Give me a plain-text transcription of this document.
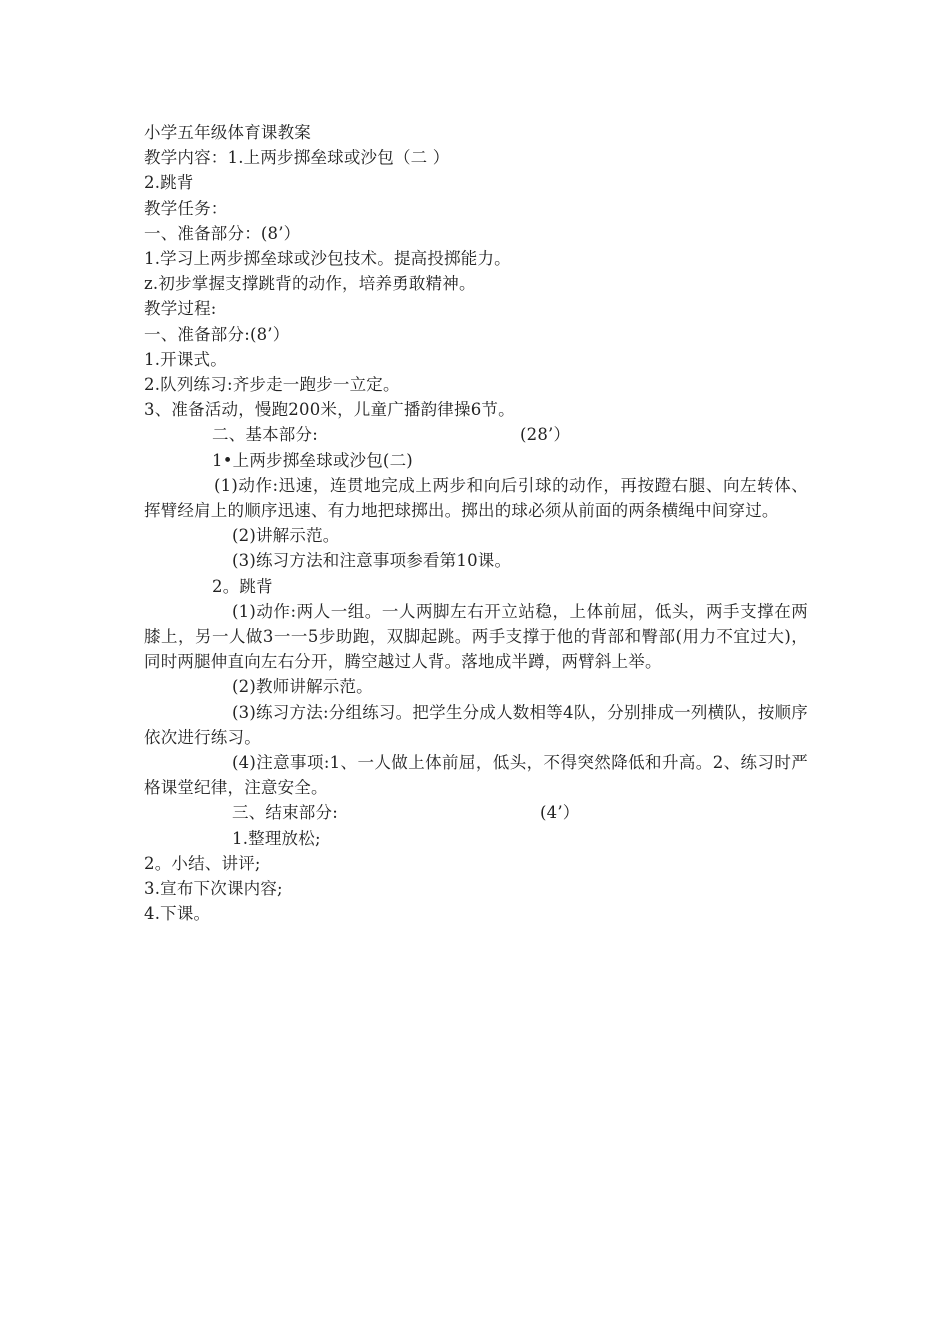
小学五年级体育课教案
教学内容：1.上两步掷垒球或沙包（二 ）
2.跳背
教学任务：
一、准备部分：(8’）
1.学习上两步掷垒球或沙包技术。提高投掷能力。
z.初步掌握支撑跳背的动作，培养勇敢精神。
教学过程:
一、准备部分:(8’）
1.开课式。
2.队列练习:齐步走一跑步一立定。
3、准备活动，慢跑200米，儿童广播韵律操6节。
二、基本部分:	(28’）
1•上两步掷垒球或沙包(二)
(1)动作:迅速，连贯地完成上两步和向后引球的动作，再按蹬右腿、向左转体、挥臂经肩上的顺序迅速、有力地把球掷出。掷出的球必须从前面的两条横绳中间穿过。
(2)讲解示范。
(3)练习方法和注意事项参看第10课。
2。跳背
(1)动作:两人一组。一人两脚左右开立站稳，上体前屈，低头，两手支撑在两膝上，另一人做3一一5步助跑，双脚起跳。两手支撑于他的背部和臀部(用力不宜过大)，同时两腿伸直向左右分开，腾空越过人背。落地成半蹲，两臂斜上举。
(2)教师讲解示范。
(3)练习方法:分组练习。把学生分成人数相等4队，分别排成一列横队，按顺序依次进行练习。
(4)注意事项:1、一人做上体前屈，低头，不得突然降低和升高。2、练习时严格课堂纪律，注意安全。
三、结束部分:	(4’）
1.整理放松;
2。小结、讲评;
3.宣布下次课内容;
4.下课。
